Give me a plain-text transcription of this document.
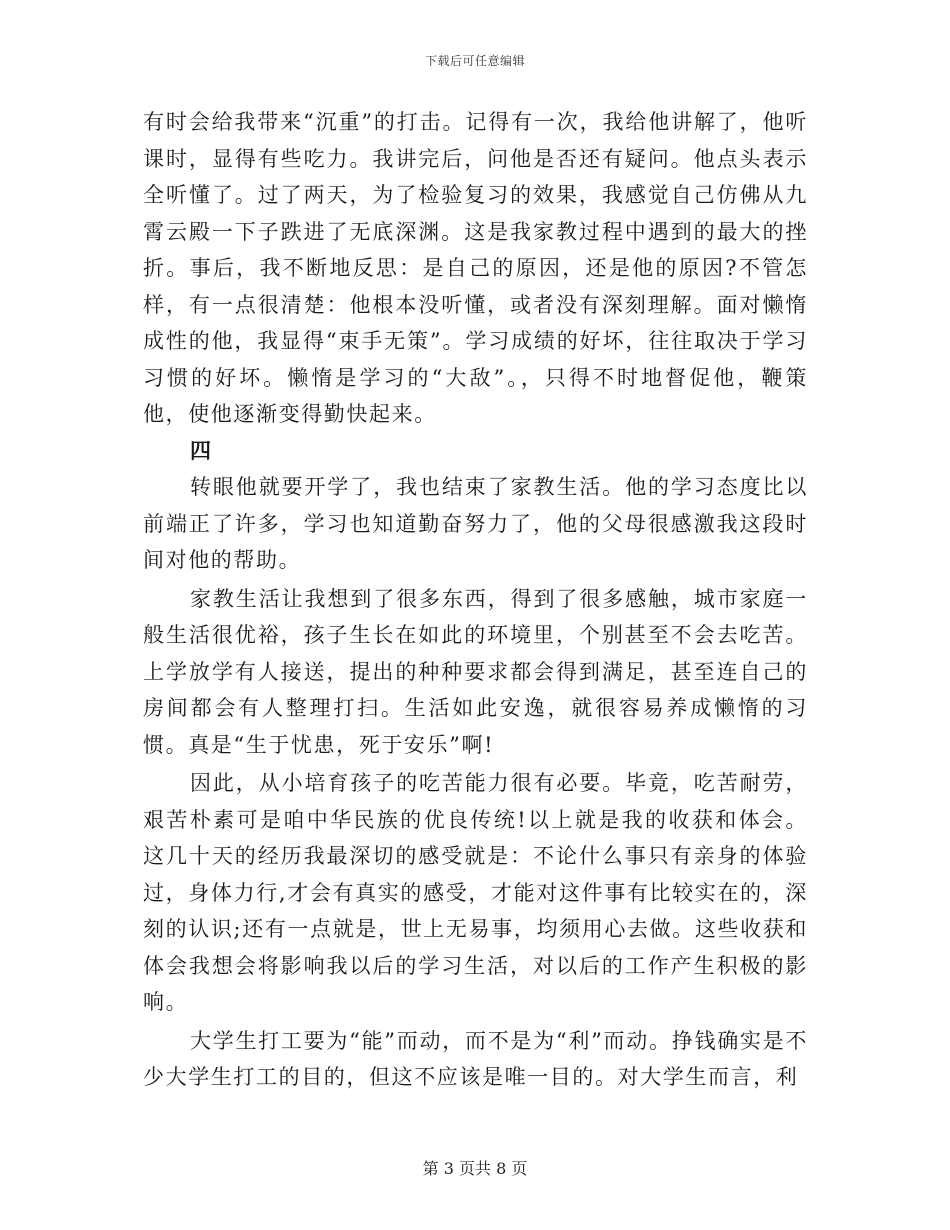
下载后可任意编辑

有时会给我带来“沉重”的打击。记得有一次，我给他讲解了，他听课时，显得有些吃力。我讲完后，问他是否还有疑问。他点头表示全听懂了。过了两天，为了检验复习的效果，我感觉自己仿佛从九霄云殿一下子跌进了无底深渊。这是我家教过程中遇到的最大的挫折。事后，我不断地反思：是自己的原因，还是他的原因?不管怎样，有一点很清楚：他根本没听懂，或者没有深刻理解。面对懒惰成性的他，我显得“束手无策”。学习成绩的好坏，往往取决于学习习惯的好坏。懒惰是学习的“大敌”。，只得不时地督促他，鞭策他，使他逐渐变得勤快起来。

四

转眼他就要开学了，我也结束了家教生活。他的学习态度比以前端正了许多，学习也知道勤奋努力了，他的父母很感激我这段时间对他的帮助。

家教生活让我想到了很多东西，得到了很多感触，城市家庭一般生活很优裕，孩子生长在如此的环境里，个别甚至不会去吃苦。上学放学有人接送，提出的种种要求都会得到满足，甚至连自己的房间都会有人整理打扫。生活如此安逸，就很容易养成懒惰的习惯。真是“生于忧患，死于安乐”啊!

因此，从小培育孩子的吃苦能力很有必要。毕竟，吃苦耐劳，艰苦朴素可是咱中华民族的优良传统!以上就是我的收获和体会。这几十天的经历我最深切的感受就是：不论什么事只有亲身的体验过，身体力行,才会有真实的感受，才能对这件事有比较实在的，深刻的认识;还有一点就是，世上无易事，均须用心去做。这些收获和体会我想会将影响我以后的学习生活，对以后的工作产生积极的影响。

大学生打工要为“能”而动，而不是为“利”而动。挣钱确实是不少大学生打工的目的，但这不应该是唯一目的。对大学生而言，利

第 3 页共 8 页
